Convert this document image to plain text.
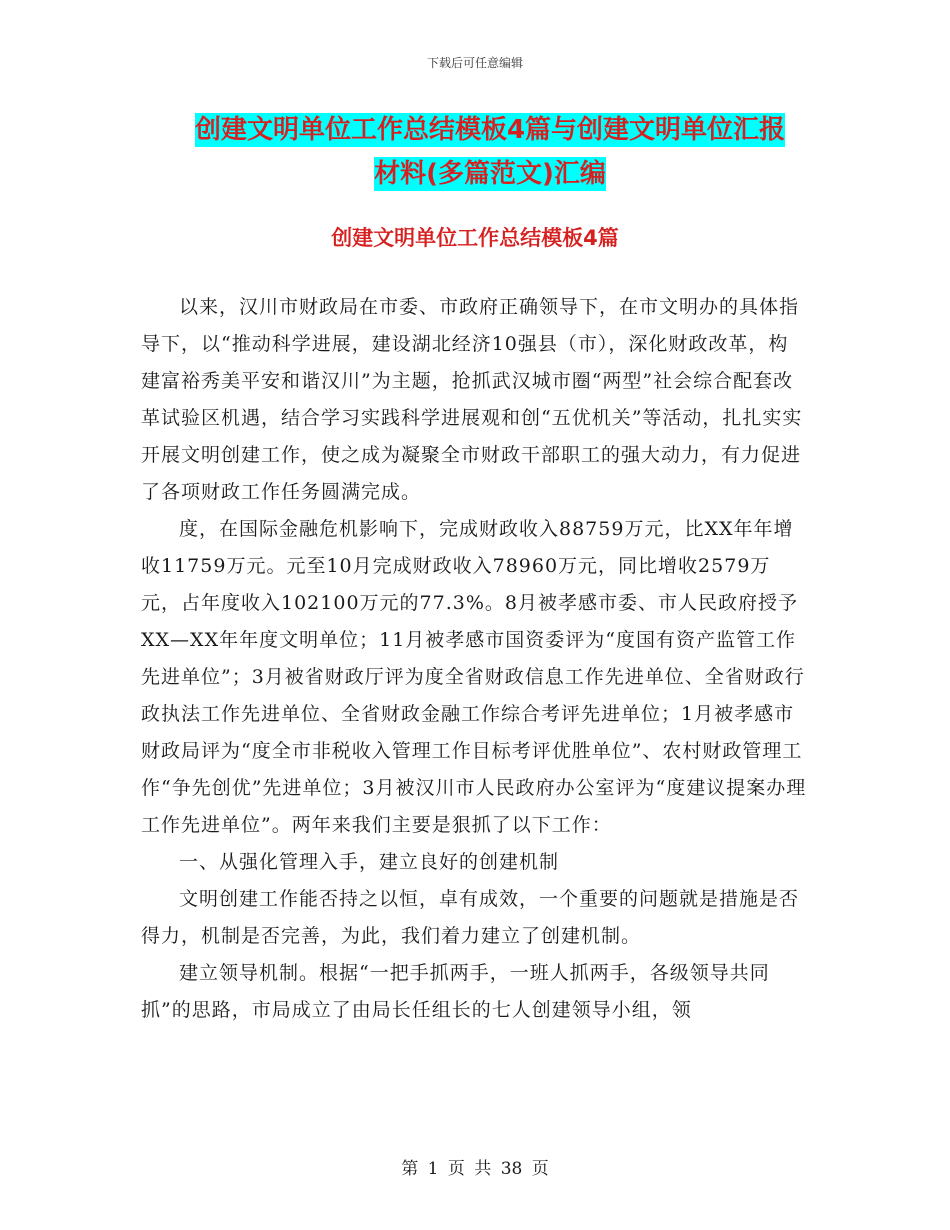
下载后可任意编辑
创建文明单位工作总结模板4篇与创建文明单位汇报
材料(多篇范文)汇编
创建文明单位工作总结模板4篇

以来，汉川市财政局在市委、市政府正确领导下，在市文明办的具体指导下，以“推动科学进展，建设湖北经济10强县（市），深化财政改革，构建富裕秀美平安和谐汉川”为主题，抢抓武汉城市圈“两型”社会综合配套改革试验区机遇，结合学习实践科学进展观和创“五优机关”等活动，扎扎实实开展文明创建工作，使之成为凝聚全市财政干部职工的强大动力，有力促进了各项财政工作任务圆满完成。

度，在国际金融危机影响下，完成财政收入88759万元，比XX年年增收11759万元。元至10月完成财政收入78960万元，同比增收2579万元，占年度收入102100万元的77.3%。8月被孝感市委、市人民政府授予XX—XX年年度文明单位；11月被孝感市国资委评为“度国有资产监管工作先进单位”；3月被省财政厅评为度全省财政信息工作先进单位、全省财政行政执法工作先进单位、全省财政金融工作综合考评先进单位；1月被孝感市财政局评为“度全市非税收入管理工作目标考评优胜单位”、农村财政管理工作“争先创优”先进单位；3月被汉川市人民政府办公室评为“度建议提案办理工作先进单位”。两年来我们主要是狠抓了以下工作：

一、从强化管理入手，建立良好的创建机制

文明创建工作能否持之以恒，卓有成效，一个重要的问题就是措施是否得力，机制是否完善，为此，我们着力建立了创建机制。

建立领导机制。根据“一把手抓两手，一班人抓两手，各级领导共同抓”的思路，市局成立了由局长任组长的七人创建领导小组，领

第 1 页 共 38 页
